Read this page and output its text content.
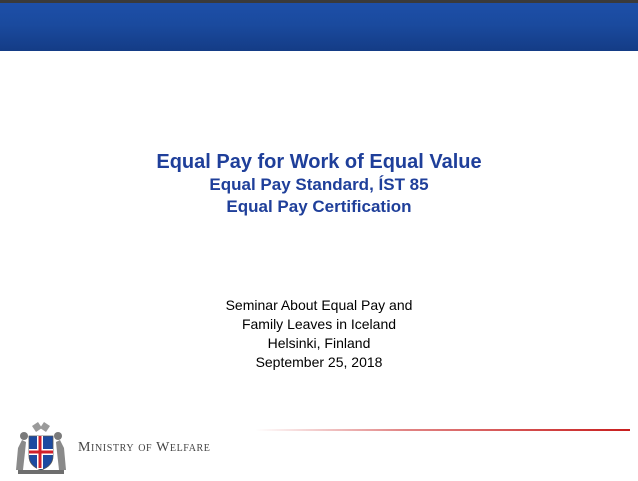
Equal Pay for Work of Equal Value
Equal Pay Standard, ÍST 85
Equal Pay Certification
Seminar About Equal Pay and
Family Leaves in Iceland
Helsinki, Finland
September 25, 2018
Ministry of Welfare
